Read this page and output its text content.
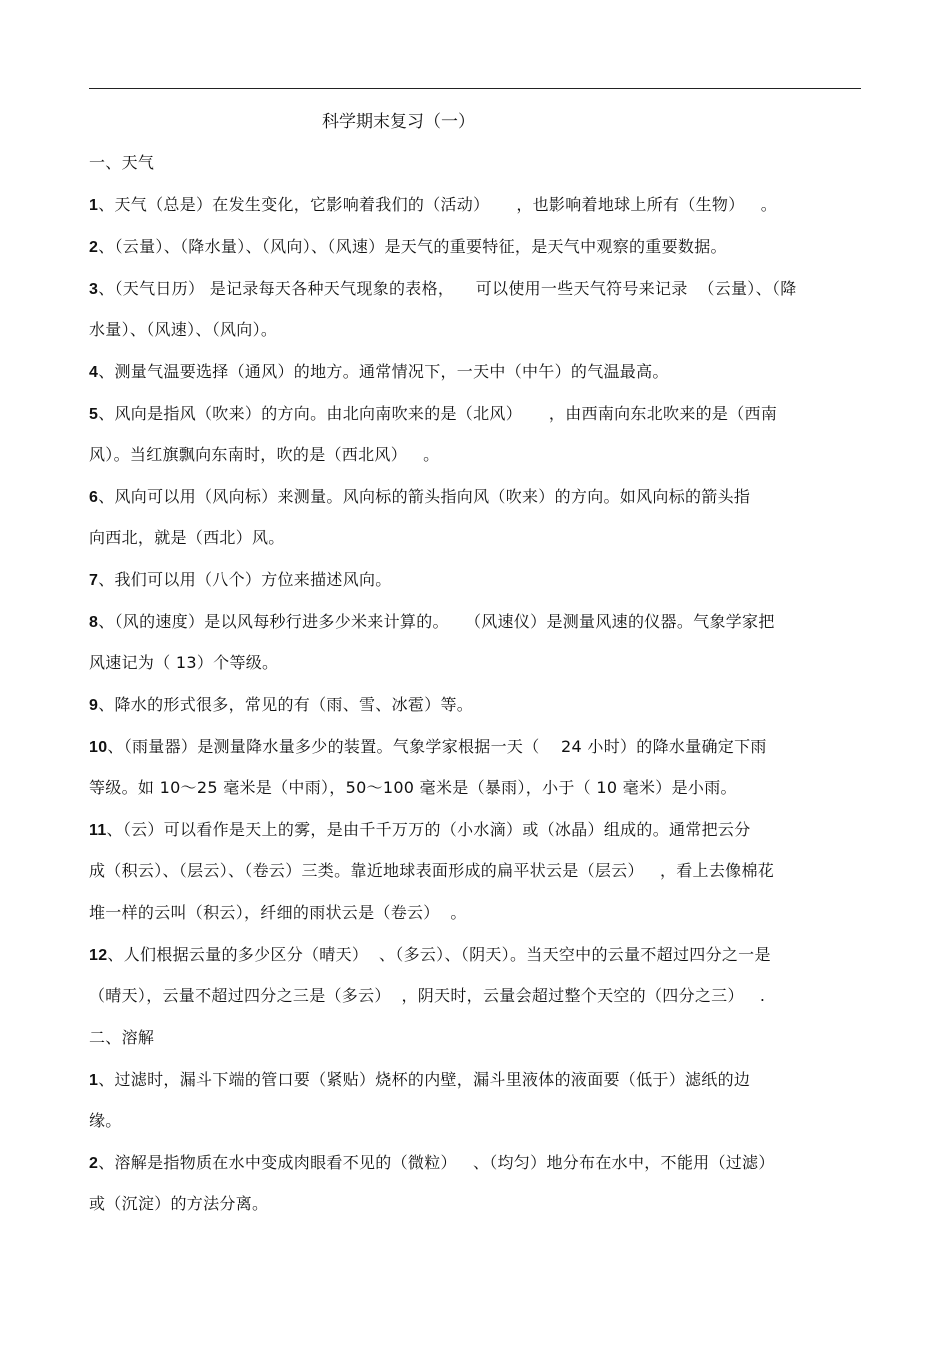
科学期末复习（一）
一、天气
1、天气（总是）在发生变化，它影响着我们的（活动）     ，也影响着地球上所有（生物）   。
2、（云量）、（降水量）、（风向）、（风速）是天气的重要特征，是天气中观察的重要数据。
3、（天气日历） 是记录每天各种天气现象的表格，    可以使用一些天气符号来记录  （云量）、（降
水量）、（风速）、（风向）。
4、测量气温要选择（通风）的地方。通常情况下，一天中（中午）的气温最高。
5、风向是指风（吹来）的方向。由北向南吹来的是（北风）     ，由西南向东北吹来的是（西南
风）。当红旗飘向东南时，吹的是（西北风）   。
6、风向可以用（风向标）来测量。风向标的箭头指向风（吹来）的方向。如风向标的箭头指
向西北，就是（西北）风。
7、我们可以用（八个）方位来描述风向。
8、（风的速度）是以风每秒行进多少米来计算的。   （风速仪）是测量风速的仪器。气象学家把
风速记为（ 13）个等级。
9、降水的形式很多，常见的有（雨、雪、冰雹）等。
10、（雨量器）是测量降水量多少的装置。气象学家根据一天（    24 小时）的降水量确定下雨
等级。如 10～25 毫米是（中雨），50～100 毫米是（暴雨），小于（ 10 毫米）是小雨。
11、（云）可以看作是天上的雾，是由千千万万的（小水滴）或（冰晶）组成的。通常把云分
成（积云）、（层云）、（卷云）三类。靠近地球表面形成的扁平状云是（层云）   ，看上去像棉花
堆一样的云叫（积云），纤细的雨状云是（卷云）  。
12、人们根据云量的多少区分（晴天）  、（多云）、（阴天）。当天空中的云量不超过四分之一是
（晴天），云量不超过四分之三是（多云）  ，阴天时，云量会超过整个天空的（四分之三）   .
二、溶解
1、过滤时，漏斗下端的管口要（紧贴）烧杯的内壁，漏斗里液体的液面要（低于）滤纸的边
缘。
2、溶解是指物质在水中变成肉眼看不见的（微粒）   、（均匀）地分布在水中，不能用（过滤）
或（沉淀）的方法分离。
